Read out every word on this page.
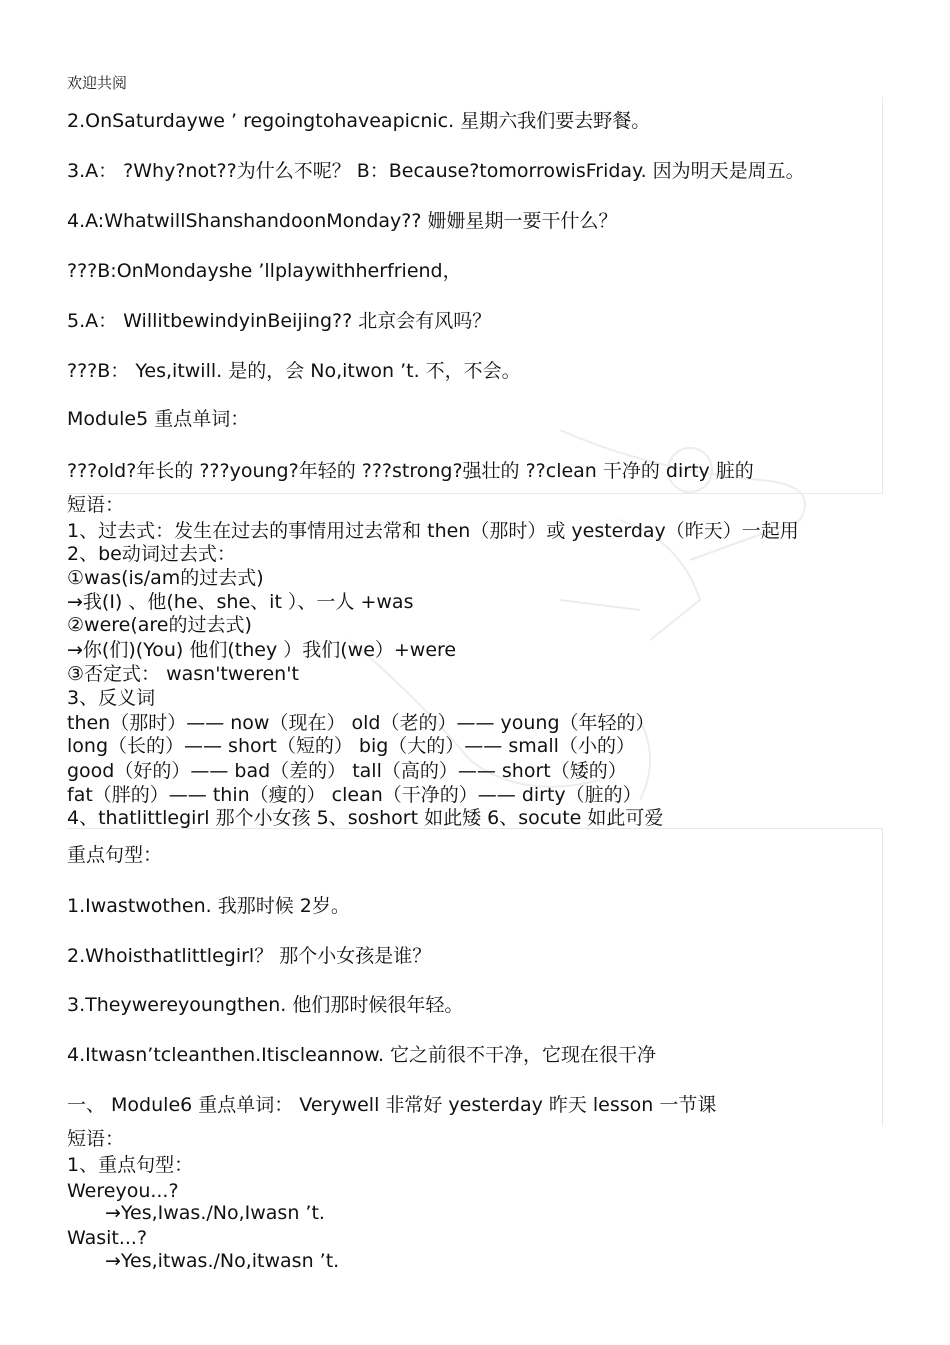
欢迎共阅
2.OnSaturdaywe ’ regoingtohaveapicnic. 星期六我们要去野餐。
3.A： ?Why?not??为什么不呢？ B：Because?tomorrowisFriday. 因为明天是周五。
4.A:WhatwillShanshandoonMonday?? 姗姗星期一要干什么？
???B:OnMondayshe ’llplaywithherfriend，
5.A： WillitbewindyinBeijing?? 北京会有风吗？
???B： Yes,itwill. 是的，会 No,itwon ’t. 不，不会。
Module5 重点单词：
???old?年长的 ???young?年轻的 ???strong?强壮的 ??clean 干净的 dirty 脏的
短语：
1、过去式：发生在过去的事情用过去常和 then（那时）或 yesterday（昨天）一起用
2、be动词过去式：
①was(is/am的过去式)
→我(I) 、他(he、she、it ）、一人 +was
②were(are的过去式)
→你(们)(You) 他们(they ）我们(we）+were
③否定式： wasn'tweren't
3、反义词
then（那时）—— now（现在） old（老的）—— young（年轻的）
long（长的）—— short（短的） big（大的）—— small（小的）
good（好的）—— bad（差的） tall（高的）—— short（矮的）
fat（胖的）—— thin（瘦的） clean（干净的）—— dirty（脏的）
4、thatlittlegirl 那个小女孩 5、soshort 如此矮 6、socute 如此可爱
重点句型：
1.Iwastwothen. 我那时候 2岁。
2.Whoisthatlittlegirl？ 那个小女孩是谁？
3.Theywereyoungthen. 他们那时候很年轻。
4.Itwasn’tcleanthen.Itiscleannow. 它之前很不干净，它现在很干净
一、 Module6 重点单词： Verywell 非常好 yesterday 昨天 lesson 一节课
短语：
1、重点句型：
Wereyou...?
→Yes,Iwas./No,Iwasn ’t.
Wasit...?
→Yes,itwas./No,itwasn ’t.
